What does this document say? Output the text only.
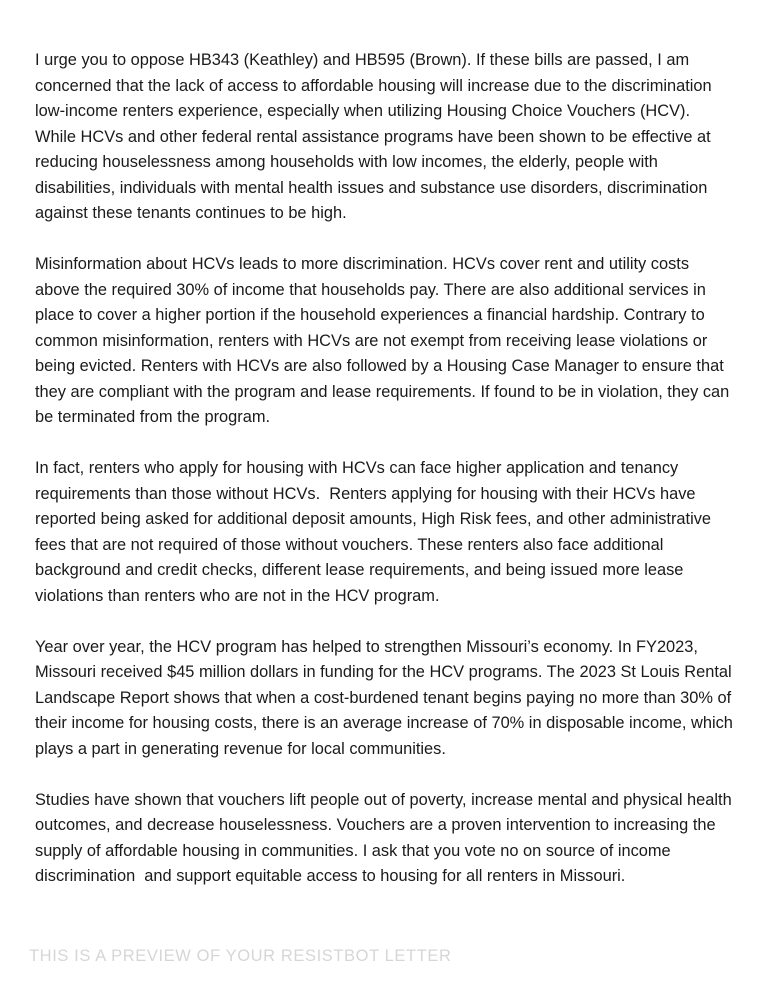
I urge you to oppose HB343 (Keathley) and HB595 (Brown). If these bills are passed, I am concerned that the lack of access to affordable housing will increase due to the discrimination low-income renters experience, especially when utilizing Housing Choice Vouchers (HCV).  While HCVs and other federal rental assistance programs have been shown to be effective at reducing houselessness among households with low incomes, the elderly, people with disabilities, individuals with mental health issues and substance use disorders, discrimination against these tenants continues to be high.

Misinformation about HCVs leads to more discrimination. HCVs cover rent and utility costs above the required 30% of income that households pay. There are also additional services in place to cover a higher portion if the household experiences a financial hardship. Contrary to common misinformation, renters with HCVs are not exempt from receiving lease violations or being evicted. Renters with HCVs are also followed by a Housing Case Manager to ensure that they are compliant with the program and lease requirements. If found to be in violation, they can be terminated from the program.

In fact, renters who apply for housing with HCVs can face higher application and tenancy requirements than those without HCVs.  Renters applying for housing with their HCVs have reported being asked for additional deposit amounts, High Risk fees, and other administrative fees that are not required of those without vouchers. These renters also face additional background and credit checks, different lease requirements, and being issued more lease violations than renters who are not in the HCV program.

Year over year, the HCV program has helped to strengthen Missouri’s economy. In FY2023, Missouri received $45 million dollars in funding for the HCV programs. The 2023 St Louis Rental Landscape Report shows that when a cost-burdened tenant begins paying no more than 30% of their income for housing costs, there is an average increase of 70% in disposable income, which plays a part in generating revenue for local communities.

Studies have shown that vouchers lift people out of poverty, increase mental and physical health outcomes, and decrease houselessness. Vouchers are a proven intervention to increasing the supply of affordable housing in communities. I ask that you vote no on source of income discrimination  and support equitable access to housing for all renters in Missouri.

THIS IS A PREVIEW OF YOUR RESISTBOT LETTER
